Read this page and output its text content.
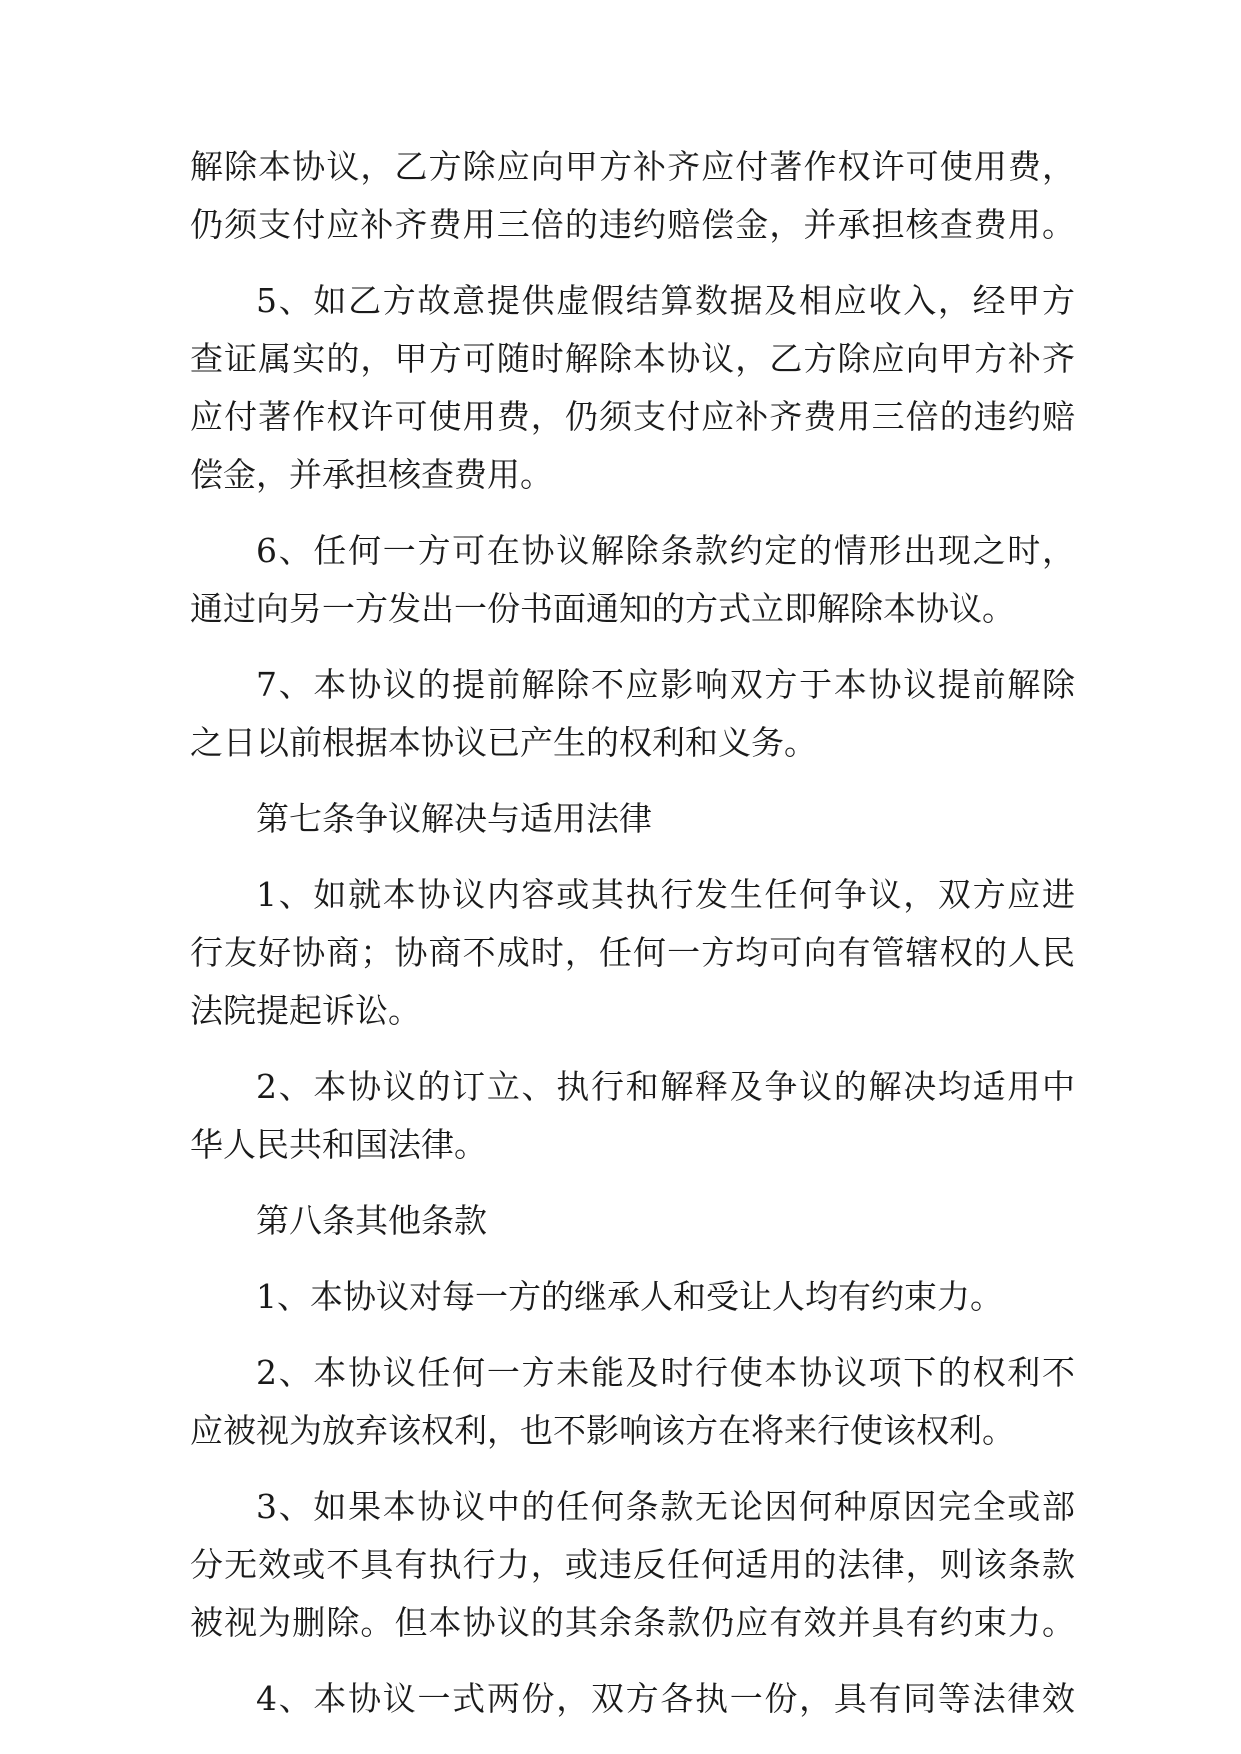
解除本协议，乙方除应向甲方补齐应付著作权许可使用费，
仍须支付应补齐费用三倍的违约赔偿金，并承担核查费用。
5、如乙方故意提供虚假结算数据及相应收入，经甲方
查证属实的，甲方可随时解除本协议，乙方除应向甲方补齐
应付著作权许可使用费，仍须支付应补齐费用三倍的违约赔
偿金，并承担核查费用。
6、任何一方可在协议解除条款约定的情形出现之时，
通过向另一方发出一份书面通知的方式立即解除本协议。
7、本协议的提前解除不应影响双方于本协议提前解除
之日以前根据本协议已产生的权利和义务。
第七条争议解决与适用法律
1、如就本协议内容或其执行发生任何争议，双方应进
行友好协商；协商不成时，任何一方均可向有管辖权的人民
法院提起诉讼。
2、本协议的订立、执行和解释及争议的解决均适用中
华人民共和国法律。
第八条其他条款
1、本协议对每一方的继承人和受让人均有约束力。
2、本协议任何一方未能及时行使本协议项下的权利不
应被视为放弃该权利，也不影响该方在将来行使该权利。
3、如果本协议中的任何条款无论因何种原因完全或部
分无效或不具有执行力，或违反任何适用的法律，则该条款
被视为删除。但本协议的其余条款仍应有效并具有约束力。
4、本协议一式两份，双方各执一份，具有同等法律效
